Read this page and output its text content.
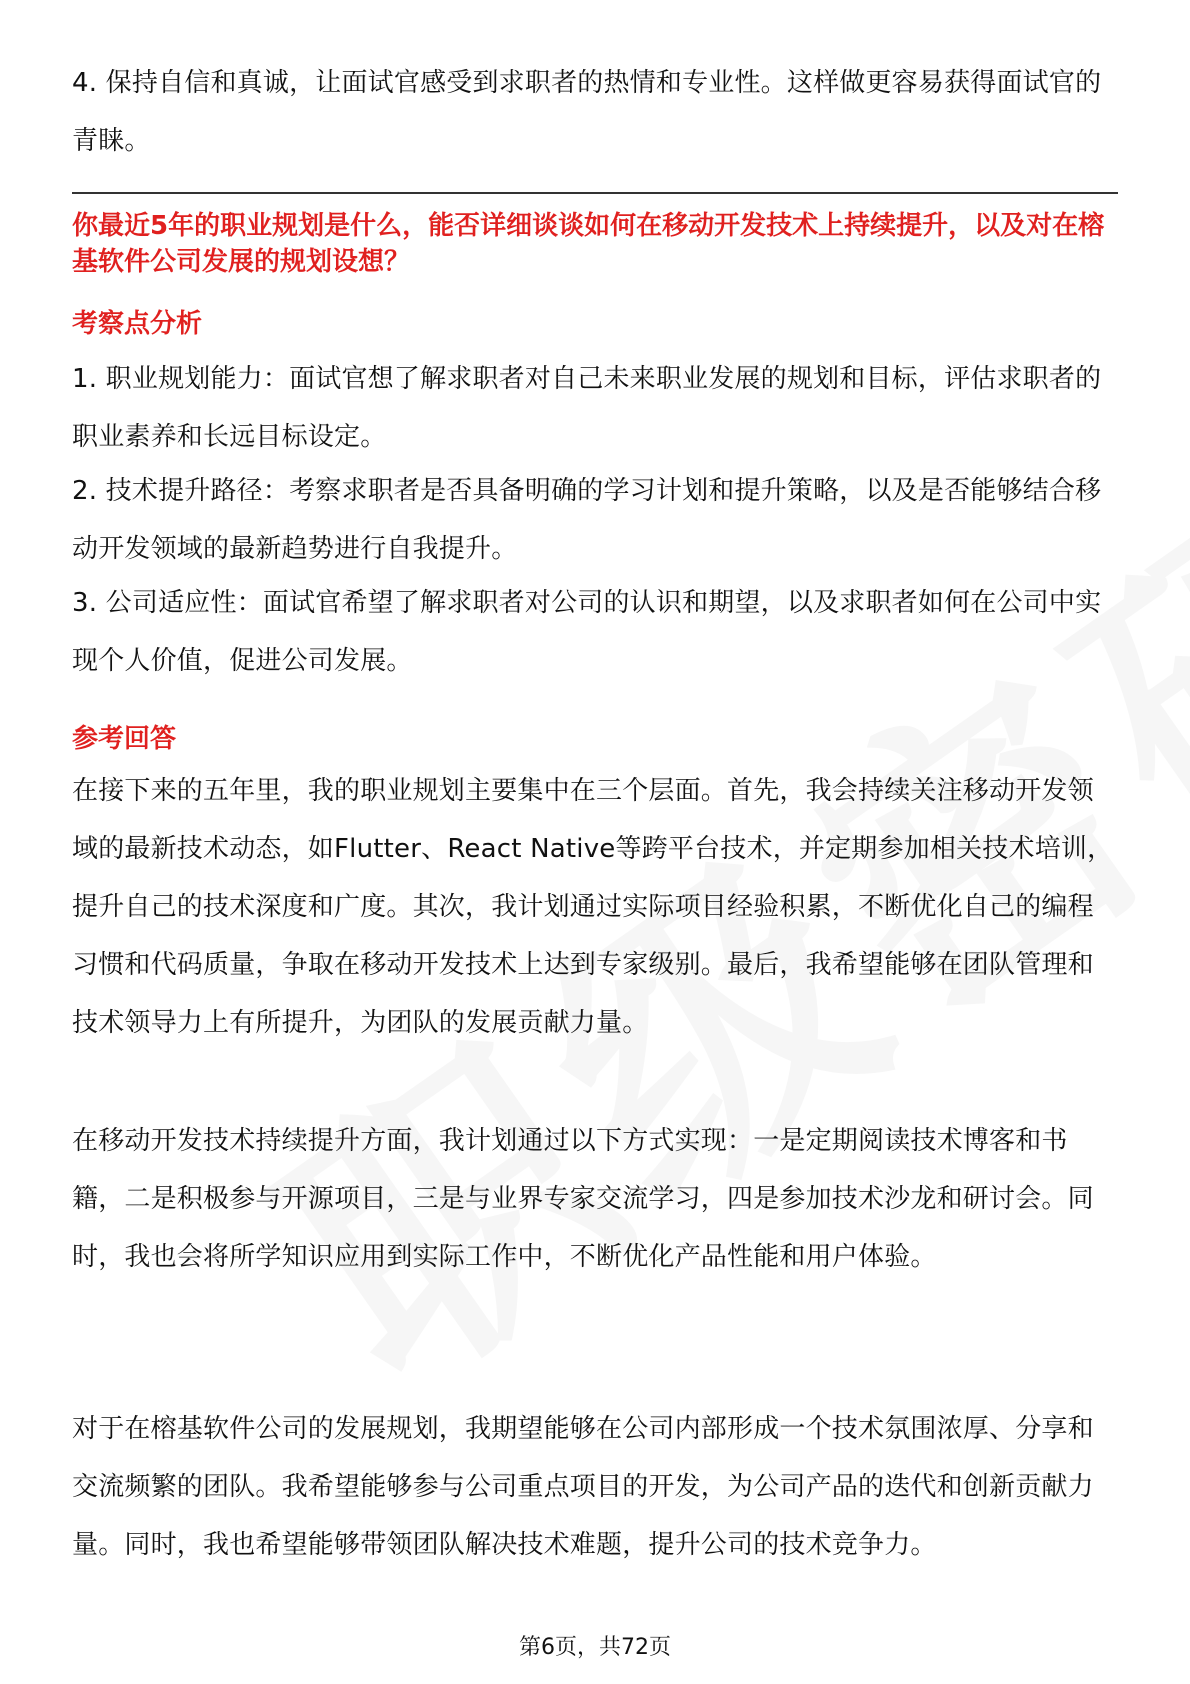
4. 保持自信和真诚，让面试官感受到求职者的热情和专业性。这样做更容易获得面试官的青睐。

你最近5年的职业规划是什么，能否详细谈谈如何在移动开发技术上持续提升，以及对在榕基软件公司发展的规划设想？

考察点分析

1. 职业规划能力：面试官想了解求职者对自己未来职业发展的规划和目标，评估求职者的职业素养和长远目标设定。

2. 技术提升路径：考察求职者是否具备明确的学习计划和提升策略，以及是否能够结合移动开发领域的最新趋势进行自我提升。

3. 公司适应性：面试官希望了解求职者对公司的认识和期望，以及求职者如何在公司中实现个人价值，促进公司发展。

参考回答

在接下来的五年里，我的职业规划主要集中在三个层面。首先，我会持续关注移动开发领域的最新技术动态，如Flutter、React Native等跨平台技术，并定期参加相关技术培训，提升自己的技术深度和广度。其次，我计划通过实际项目经验积累，不断优化自己的编程习惯和代码质量，争取在移动开发技术上达到专家级别。最后，我希望能够在团队管理和技术领导力上有所提升，为团队的发展贡献力量。

在移动开发技术持续提升方面，我计划通过以下方式实现：一是定期阅读技术博客和书籍，二是积极参与开源项目，三是与业界专家交流学习，四是参加技术沙龙和研讨会。同时，我也会将所学知识应用到实际工作中，不断优化产品性能和用户体验。

对于在榕基软件公司的发展规划，我期望能够在公司内部形成一个技术氛围浓厚、分享和交流频繁的团队。我希望能够参与公司重点项目的开发，为公司产品的迭代和创新贡献力量。同时，我也希望能够带领团队解决技术难题，提升公司的技术竞争力。

第6页，共72页
